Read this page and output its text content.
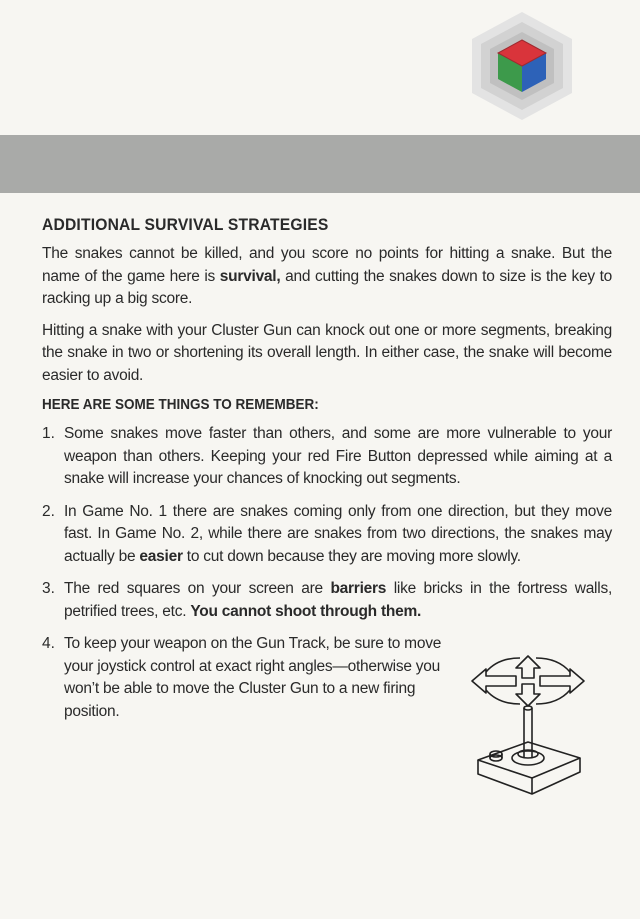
ADDITIONAL SURVIVAL STRATEGIES

The snakes cannot be killed, and you score no points for hitting a snake. But the name of the game here is survival, and cutting the snakes down to size is the key to racking up a big score.

Hitting a snake with your Cluster Gun can knock out one or more segments, breaking the snake in two or shortening its overall length. In either case, the snake will become easier to avoid.

HERE ARE SOME THINGS TO REMEMBER:
1. Some snakes move faster than others, and some are more vulnerable to your weapon than others. Keeping your red Fire Button depressed while aiming at a snake will increase your chances of knocking out segments.

2. In Game No. 1 there are snakes coming only from one direction, but they move fast. In Game No. 2, while there are snakes from two directions, the snakes may actually be easier to cut down because they are moving more slowly.

3. The red squares on your screen are barriers like bricks in the fortress walls, petrified trees, etc. You cannot shoot through them.

4. To keep your weapon on the Gun Track, be sure to move your joystick control at exact right angles—otherwise you won’t be able to move the Cluster Gun to a new firing position.
